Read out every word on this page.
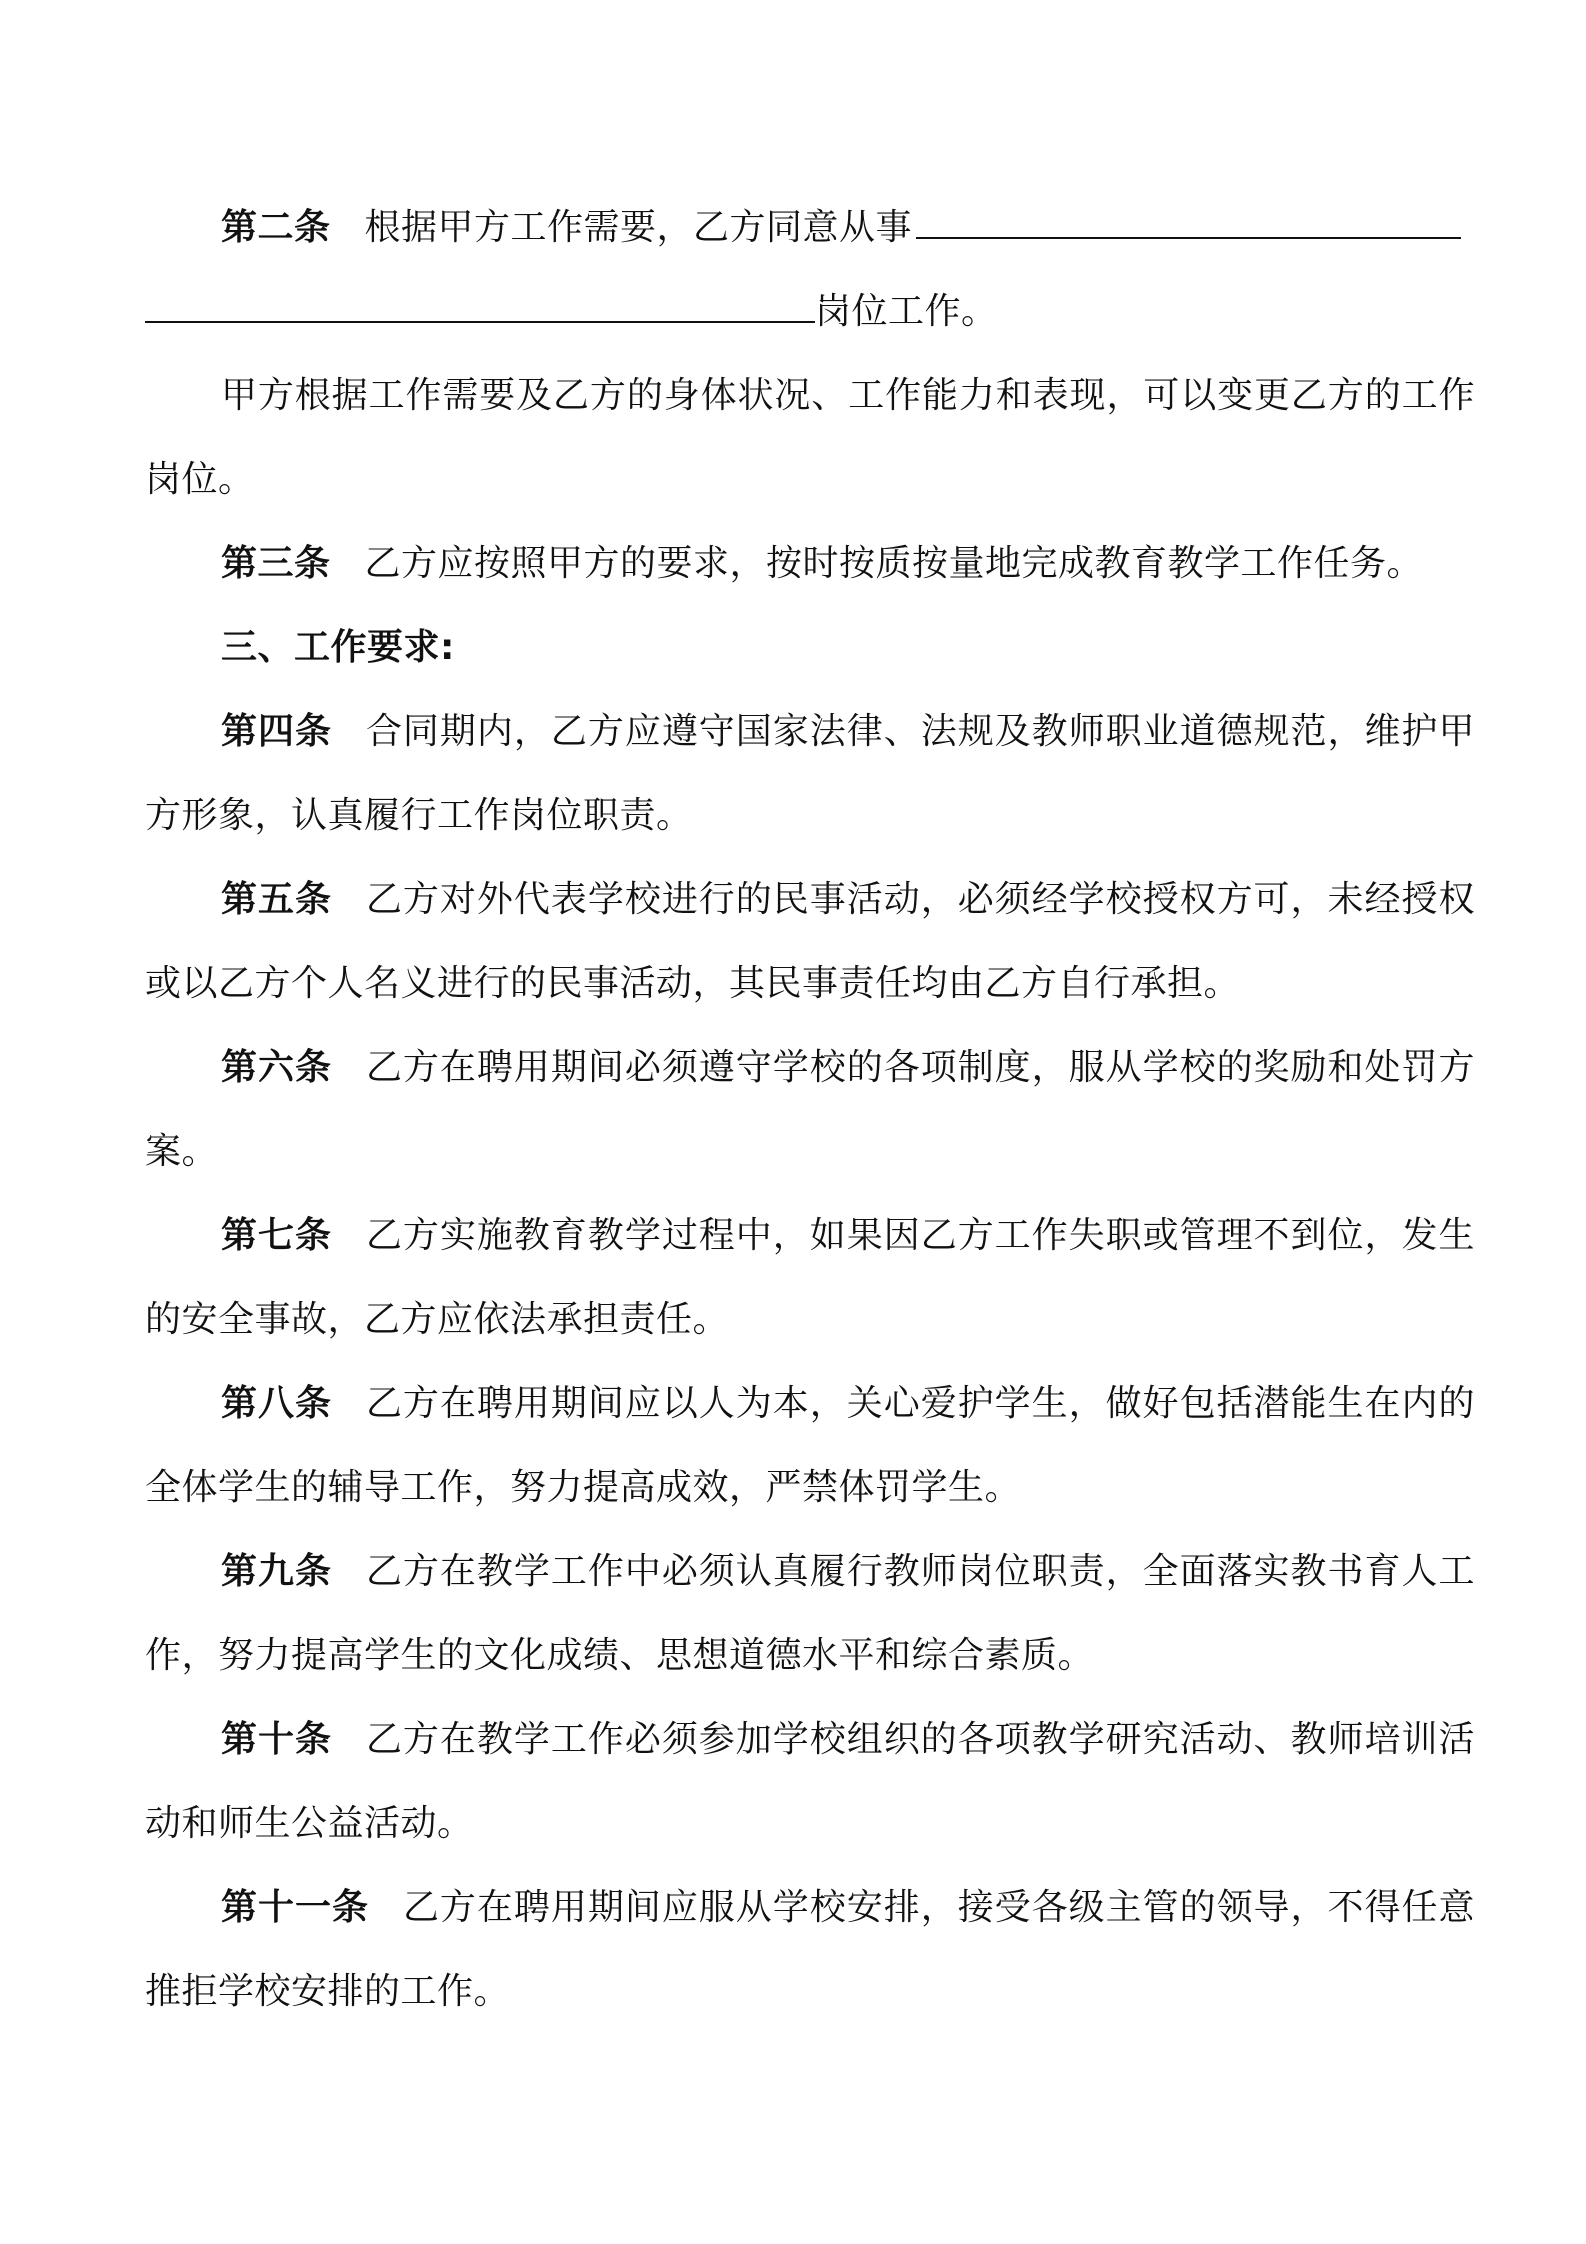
第二条 根据甲方工作需要，乙方同意从事
岗位工作。

甲方根据工作需要及乙方的身体状况、工作能力和表现，可以变更乙方的工作岗位。

第三条 乙方应按照甲方的要求，按时按质按量地完成教育教学工作任务。

三、工作要求:

第四条 合同期内，乙方应遵守国家法律、法规及教师职业道德规范，维护甲方形象，认真履行工作岗位职责。

第五条 乙方对外代表学校进行的民事活动，必须经学校授权方可，未经授权或以乙方个人名义进行的民事活动，其民事责任均由乙方自行承担。

第六条 乙方在聘用期间必须遵守学校的各项制度，服从学校的奖励和处罚方案。

第七条 乙方实施教育教学过程中，如果因乙方工作失职或管理不到位，发生的安全事故，乙方应依法承担责任。

第八条 乙方在聘用期间应以人为本，关心爱护学生，做好包括潜能生在内的全体学生的辅导工作，努力提高成效，严禁体罚学生。

第九条 乙方在教学工作中必须认真履行教师岗位职责，全面落实教书育人工作，努力提高学生的文化成绩、思想道德水平和综合素质。

第十条 乙方在教学工作必须参加学校组织的各项教学研究活动、教师培训活动和师生公益活动。

第十一条 乙方在聘用期间应服从学校安排，接受各级主管的领导，不得任意推拒学校安排的工作。
